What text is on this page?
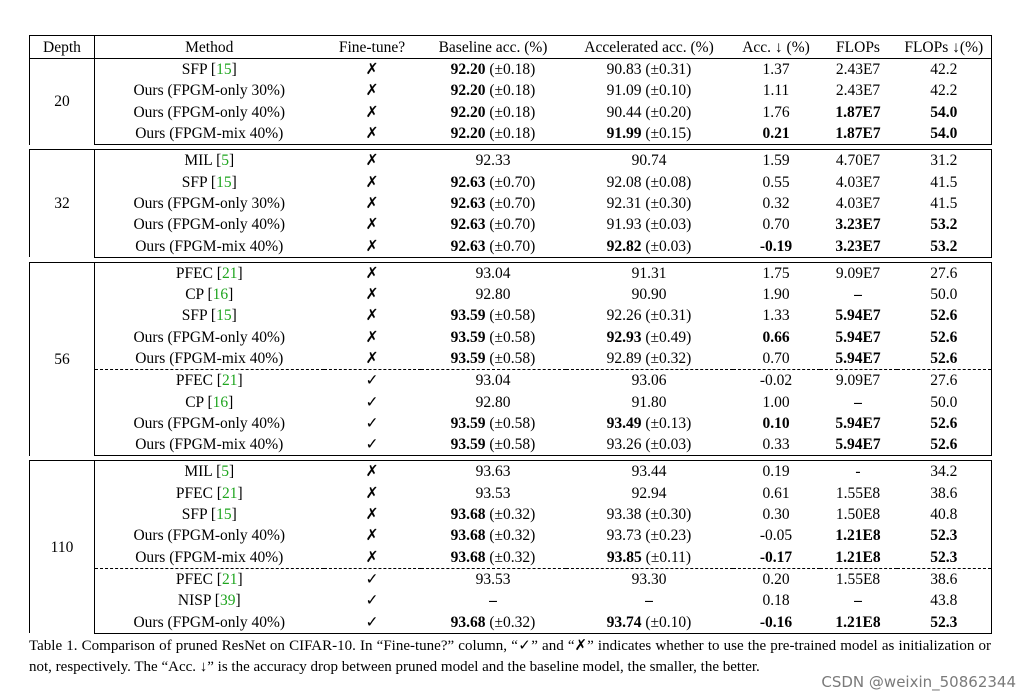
Depth	Method	Fine-tune?	Baseline acc. (%)	Accelerated acc. (%)	Acc. ↓ (%)	FLOPs	FLOPs ↓(%)
20	SFP [15]	✗	92.20 (±0.18)	90.83 (±0.31)	1.37	2.43E7	42.2
	Ours (FPGM-only 30%)	✗	92.20 (±0.18)	91.09 (±0.10)	1.11	2.43E7	42.2
	Ours (FPGM-only 40%)	✗	92.20 (±0.18)	90.44 (±0.20)	1.76	1.87E7	54.0
	Ours (FPGM-mix 40%)	✗	92.20 (±0.18)	91.99 (±0.15)	0.21	1.87E7	54.0

32	MIL [5]	✗	92.33	90.74	1.59	4.70E7	31.2
	SFP [15]	✗	92.63 (±0.70)	92.08 (±0.08)	0.55	4.03E7	41.5
	Ours (FPGM-only 30%)	✗	92.63 (±0.70)	92.31 (±0.30)	0.32	4.03E7	41.5
	Ours (FPGM-only 40%)	✗	92.63 (±0.70)	91.93 (±0.03)	0.70	3.23E7	53.2
	Ours (FPGM-mix 40%)	✗	92.63 (±0.70)	92.82 (±0.03)	-0.19	3.23E7	53.2

56	PFEC [21]	✗	93.04	91.31	1.75	9.09E7	27.6
	CP [16]	✗	92.80	90.90	1.90	–	50.0
	SFP [15]	✗	93.59 (±0.58)	92.26 (±0.31)	1.33	5.94E7	52.6
	Ours (FPGM-only 40%)	✗	93.59 (±0.58)	92.93 (±0.49)	0.66	5.94E7	52.6
	Ours (FPGM-mix 40%)	✗	93.59 (±0.58)	92.89 (±0.32)	0.70	5.94E7	52.6
	PFEC [21]	✓	93.04	93.06	-0.02	9.09E7	27.6
	CP [16]	✓	92.80	91.80	1.00	–	50.0
	Ours (FPGM-only 40%)	✓	93.59 (±0.58)	93.49 (±0.13)	0.10	5.94E7	52.6
	Ours (FPGM-mix 40%)	✓	93.59 (±0.58)	93.26 (±0.03)	0.33	5.94E7	52.6

110	MIL [5]	✗	93.63	93.44	0.19	-	34.2
	PFEC [21]	✗	93.53	92.94	0.61	1.55E8	38.6
	SFP [15]	✗	93.68 (±0.32)	93.38 (±0.30)	0.30	1.50E8	40.8
	Ours (FPGM-only 40%)	✗	93.68 (±0.32)	93.73 (±0.23)	-0.05	1.21E8	52.3
	Ours (FPGM-mix 40%)	✗	93.68 (±0.32)	93.85 (±0.11)	-0.17	1.21E8	52.3
	PFEC [21]	✓	93.53	93.30	0.20	1.55E8	38.6
	NISP [39]	✓	–	–	0.18	–	43.8
	Ours (FPGM-only 40%)	✓	93.68 (±0.32)	93.74 (±0.10)	-0.16	1.21E8	52.3
Table 1. Comparison of pruned ResNet on CIFAR-10. In “Fine-tune?” column, “✓” and “✗” indicates whether to use the pre-trained model as initialization or not, respectively. The “Acc. ↓” is the accuracy drop between pruned model and the baseline model, the smaller, the better.
CSDN @weixin_50862344
